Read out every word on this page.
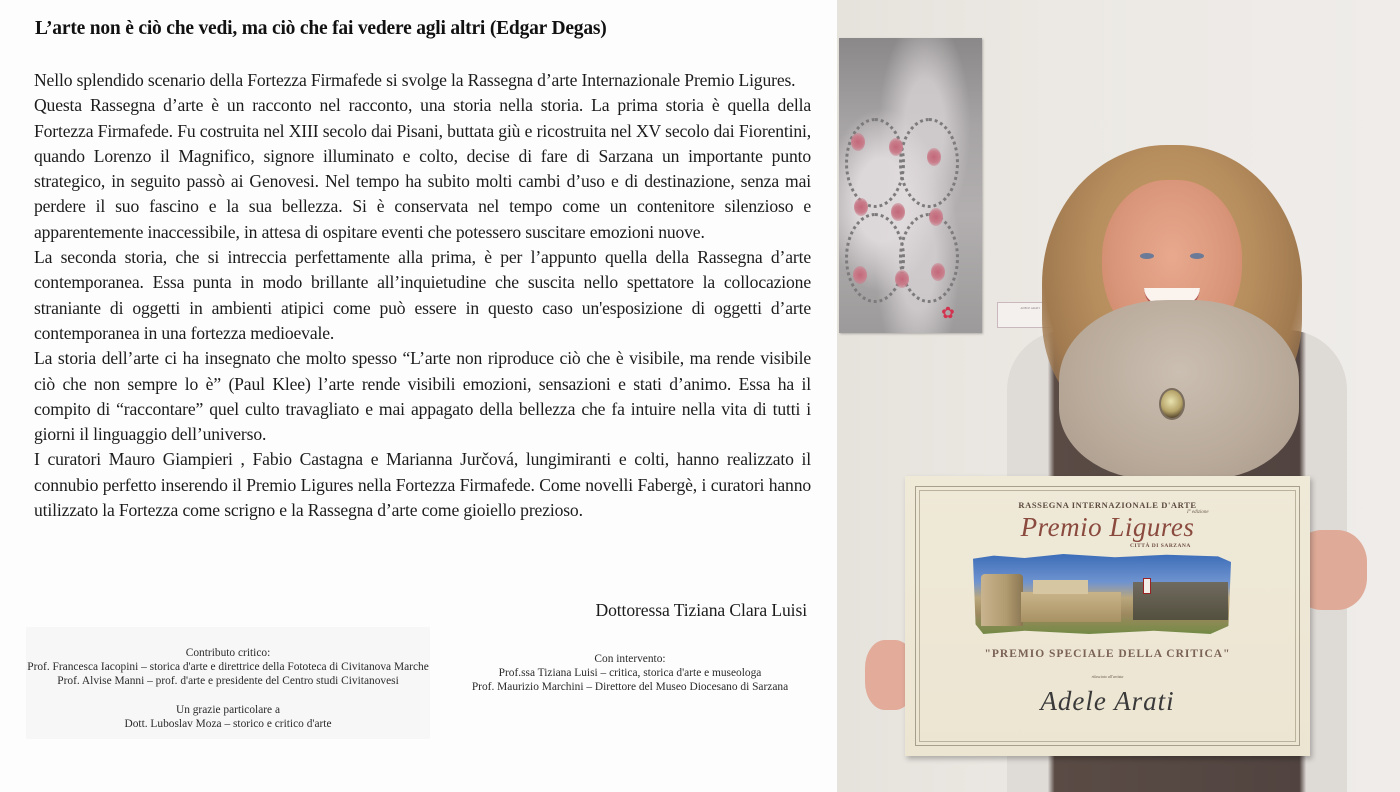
L’arte non è ciò che vedi, ma ciò che fai vedere agli altri (Edgar Degas)

Nello splendido scenario della Fortezza Firmafede si svolge la Rassegna d’arte Internazionale Premio Ligures.

Questa Rassegna d’arte è un racconto nel racconto, una storia nella storia. La prima storia è quella della Fortezza Firmafede. Fu costruita nel XIII secolo dai Pisani, buttata giù e ricostruita nel XV secolo dai Fiorentini, quando Lorenzo il Magnifico, signore illuminato e colto, decise di fare di Sarzana un importante punto strategico, in seguito passò ai Genovesi. Nel tempo ha subito molti cambi d’uso e di destinazione, senza mai perdere il suo fascino e la sua bellezza. Si è conservata nel tempo come un contenitore silenzioso e apparentemente inaccessibile, in attesa di ospitare eventi che potessero suscitare emozioni nuove.

La seconda storia, che si intreccia perfettamente alla prima, è per l’appunto quella della Rassegna d’arte contemporanea. Essa punta in modo brillante all’inquietudine che suscita nello spettatore la collocazione straniante di oggetti in ambienti atipici come può essere in questo caso un'esposizione di oggetti d’arte contemporanea in una fortezza medioevale.

La storia dell’arte ci ha insegnato che molto spesso “L’arte non riproduce ciò che è visibile, ma rende visibile ciò che non sempre lo è” (Paul Klee) l’arte rende visibili emozioni, sensazioni e stati d’animo. Essa ha il compito di “raccontare” quel culto travagliato e mai appagato della bellezza che fa intuire nella vita di tutti i giorni il linguaggio dell’universo.

I curatori Mauro Giampieri , Fabio Castagna e Marianna Jurčová, lungimiranti e colti, hanno realizzato il connubio perfetto inserendo il Premio Ligures nella Fortezza Firmafede. Come novelli Fabergè, i curatori hanno utilizzato la Fortezza come scrigno e la Rassegna d’arte come gioiello prezioso.

Dottoressa Tiziana Clara Luisi
Contributo critico:
Prof. Francesca Iacopini – storica d'arte e direttrice della Fototeca di Civitanova Marche
Prof. Alvise Manni – prof. d'arte e presidente del Centro studi Civitanovesi
Un grazie particolare a
Dott. Luboslav Moza – storico e critico d'arte
Con intervento:
Prof.ssa Tiziana Luisi – critica, storica d'arte e museologa
Prof. Maurizio Marchini – Direttore del Museo Diocesano di Sarzana
✿	ADELE ARATI
RASSEGNA INTERNAZIONALE D'ARTE
I° edizione
Premio Ligures
CITTÀ DI SARZANA
"PREMIO SPECIALE DELLA CRITICA"
rilasciato all'artista
Adele Arati
